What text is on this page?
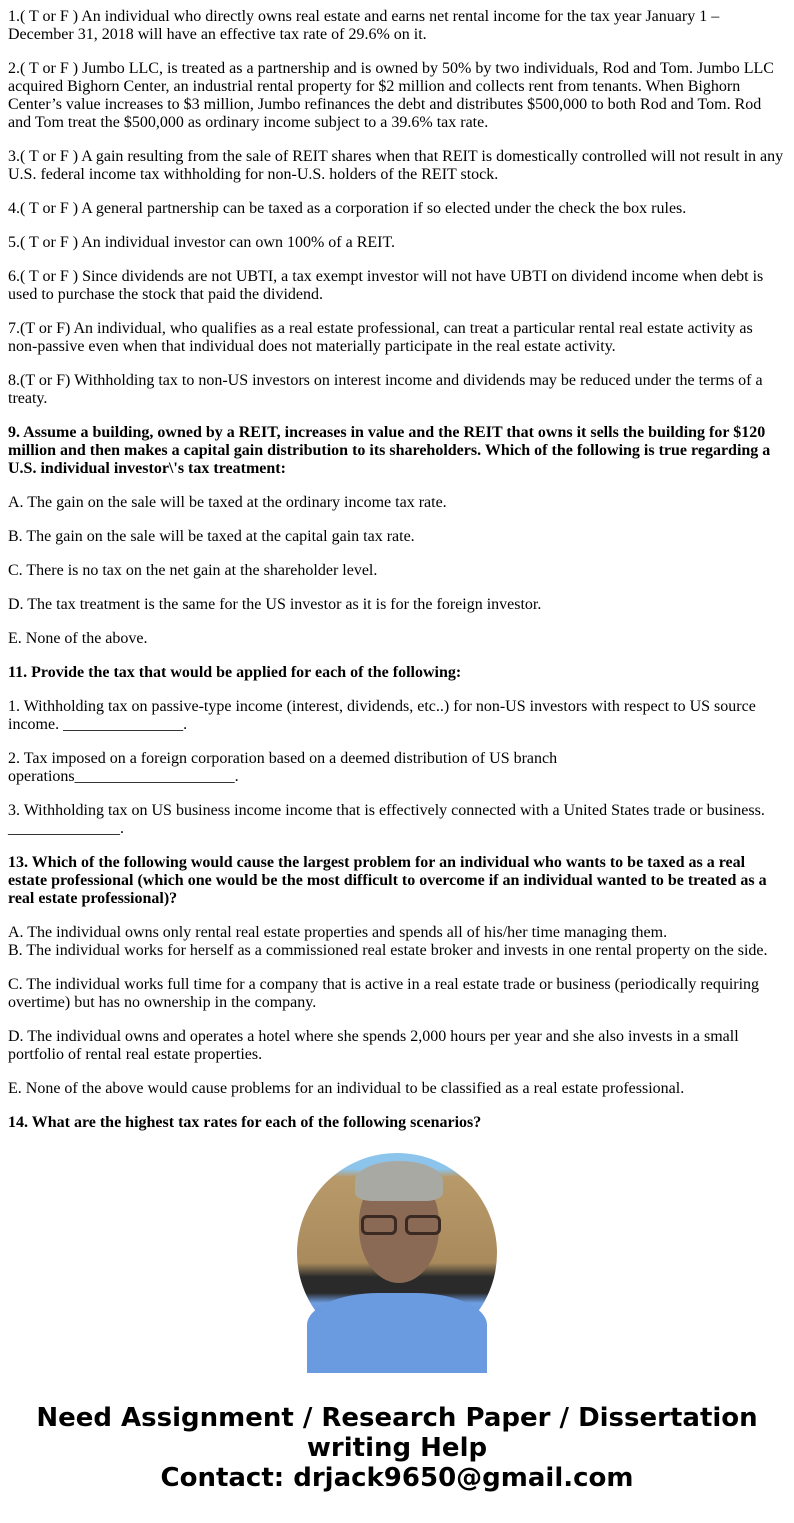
1.( T or F ) An individual who directly owns real estate and earns net rental income for the tax year January 1 – December 31, 2018 will have an effective tax rate of 29.6% on it.

2.( T or F ) Jumbo LLC, is treated as a partnership and is owned by 50% by two individuals, Rod and Tom. Jumbo LLC acquired Bighorn Center, an industrial rental property for $2 million and collects rent from tenants. When Bighorn Center’s value increases to $3 million, Jumbo refinances the debt and distributes $500,000 to both Rod and Tom. Rod and Tom treat the $500,000 as ordinary income subject to a 39.6% tax rate.

3.( T or F ) A gain resulting from the sale of REIT shares when that REIT is domestically controlled will not result in any U.S. federal income tax withholding for non-U.S. holders of the REIT stock.

4.( T or F ) A general partnership can be taxed as a corporation if so elected under the check the box rules.

5.( T or F ) An individual investor can own 100% of a REIT.

6.( T or F ) Since dividends are not UBTI, a tax exempt investor will not have UBTI on dividend income when debt is used to purchase the stock that paid the dividend.

7.(T or F) An individual, who qualifies as a real estate professional, can treat a particular rental real estate activity as non-passive even when that individual does not materially participate in the real estate activity.

8.(T or F) Withholding tax to non-US investors on interest income and dividends may be reduced under the terms of a treaty.

9. Assume a building, owned by a REIT, increases in value and the REIT that owns it sells the building for $120 million and then makes a capital gain distribution to its shareholders. Which of the following is true regarding a U.S. individual investor\'s tax treatment:

A. The gain on the sale will be taxed at the ordinary income tax rate.

B. The gain on the sale will be taxed at the capital gain tax rate.

C. There is no tax on the net gain at the shareholder level.

D. The tax treatment is the same for the US investor as it is for the foreign investor.

E. None of the above.

11. Provide the tax that would be applied for each of the following:

1. Withholding tax on passive-type income (interest, dividends, etc..) for non-US investors with respect to US source income. _______________.

2. Tax imposed on a foreign corporation based on a deemed distribution of US branch
operations____________________.

3. Withholding tax on US business income income that is effectively connected with a United States trade or business. ______________.

13. Which of the following would cause the largest problem for an individual who wants to be taxed as a real estate professional (which one would be the most difficult to overcome if an individual wanted to be treated as a real estate professional)?

A. The individual owns only rental real estate properties and spends all of his/her time managing them.
B. The individual works for herself as a commissioned real estate broker and invests in one rental property on the side.

C. The individual works full time for a company that is active in a real estate trade or business (periodically requiring overtime) but has no ownership in the company.

D. The individual owns and operates a hotel where she spends 2,000 hours per year and she also invests in a small portfolio of rental real estate properties.

E. None of the above would cause problems for an individual to be classified as a real estate professional.

14. What are the highest tax rates for each of the following scenarios?

Need Assignment / Research Paper / Dissertation writing Help
Contact: drjack9650@gmail.com
